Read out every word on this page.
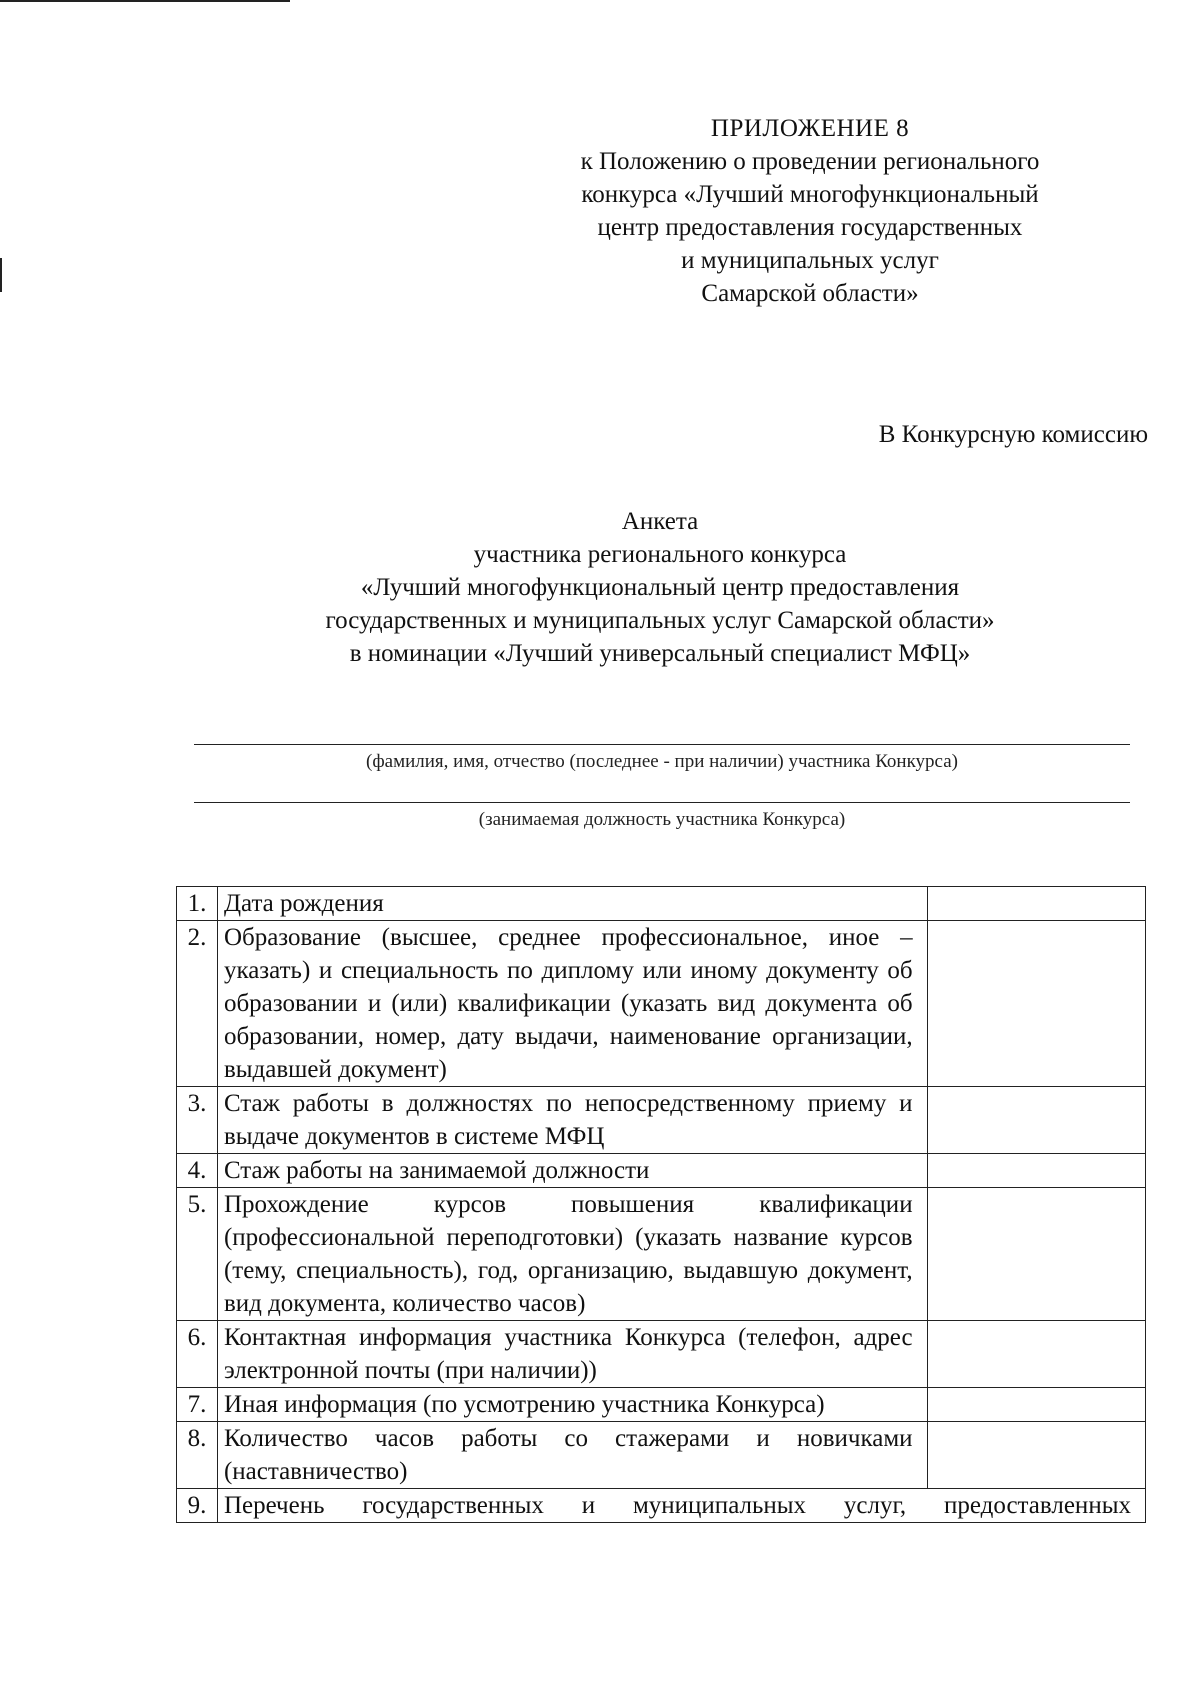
ПРИЛОЖЕНИЕ 8
к Положению о проведении регионального
конкурса «Лучший многофункциональный
центр предоставления государственных
и муниципальных услуг
Самарской области»
В Конкурсную комиссию
Анкета
участника регионального конкурса
«Лучший многофункциональный центр предоставления
государственных и муниципальных услуг Самарской области»
в номинации «Лучший универсальный специалист МФЦ»
(фамилия, имя, отчество (последнее - при наличии) участника Конкурса)
(занимаемая должность участника Конкурса)
1.	Дата рождения	
2.	Образование (высшее, среднее профессиональное, иное – указать) и специальность по диплому или иному документу об образовании и (или) квалификации (указать вид документа об образовании, номер, дату выдачи, наименование организации, выдавшей документ)	
3.	Стаж работы в должностях по непосредственному приему и выдаче документов в системе МФЦ	
4.	Стаж работы на занимаемой должности	
5.	Прохождение курсов повышения квалификации (профессиональной переподготовки) (указать название курсов (тему, специальность), год, организацию, выдавшую документ, вид документа, количество часов)	
6.	Контактная информация участника Конкурса (телефон, адрес электронной почты (при наличии))	
7.	Иная информация (по усмотрению участника Конкурса)	
8.	Количество часов работы со стажерами и новичками (наставничество)	
9.	Перечень государственных и муниципальных услуг, предоставленных	
